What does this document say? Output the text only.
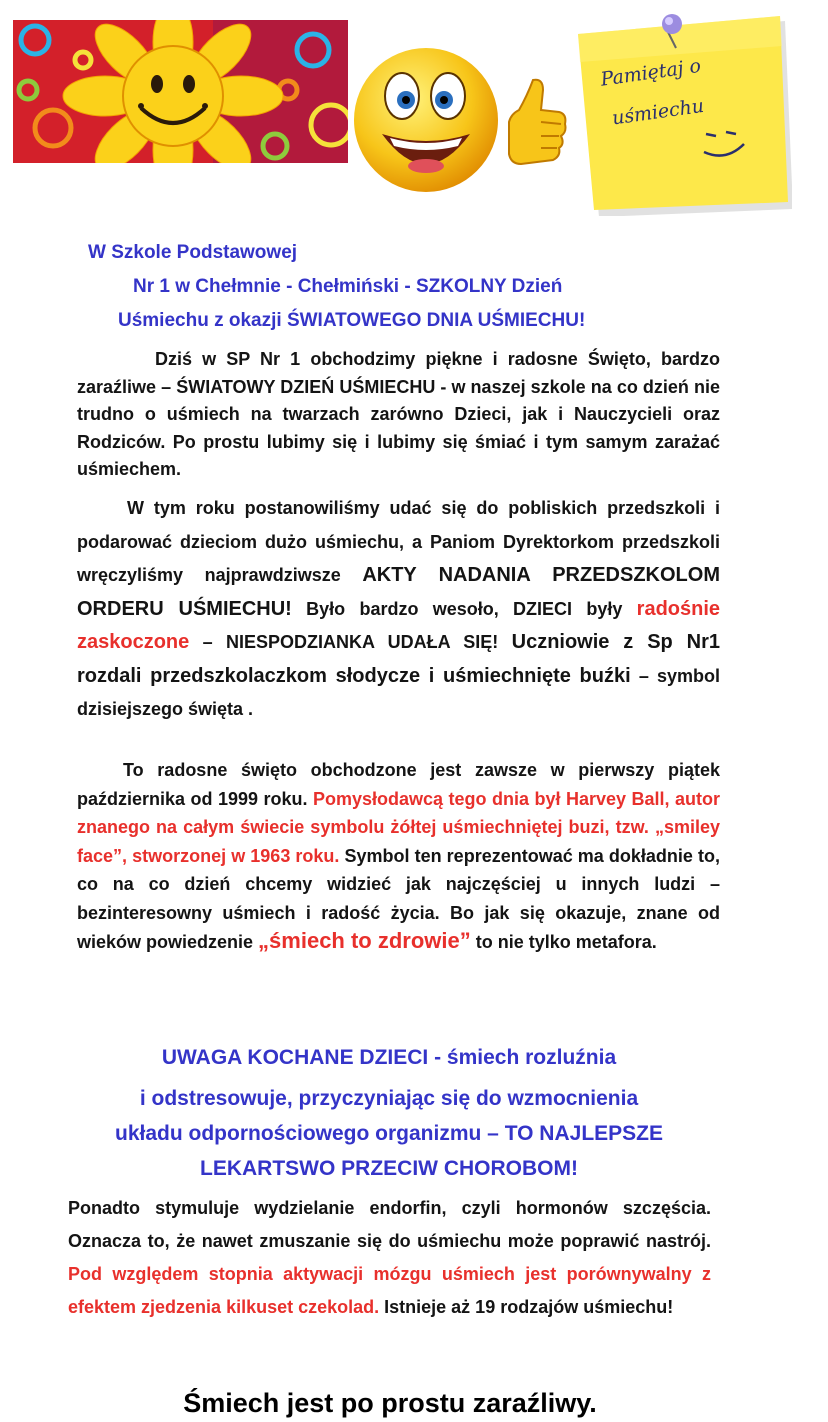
Pamiętaj o
uśmiechu
W Szkole Podstawowej
Nr 1 w Chełmnie - Chełmiński - SZKOLNY Dzień
Uśmiechu z okazji ŚWIATOWEGO DNIA UŚMIECHU!

Dziś w SP Nr 1 obchodzimy piękne i radosne Święto, bardzo zaraźliwe – ŚWIATOWY DZIEŃ UŚMIECHU - w naszej szkole na co dzień nie trudno o uśmiech na twarzach zarówno Dzieci, jak i Nauczycieli oraz Rodziców. Po prostu lubimy się i lubimy się śmiać i tym samym zarażać uśmiechem.

W tym roku postanowiliśmy udać się do pobliskich przedszkoli i podarować dzieciom dużo uśmiechu, a Paniom Dyrektorkom przedszkoli wręczyliśmy najprawdziwsze AKTY NADANIA PRZEDSZKOLOM ORDERU UŚMIECHU! Było bardzo wesoło, DZIECI były radośnie zaskoczone – NIESPODZIANKA UDAŁA SIĘ! Uczniowie z Sp Nr1 rozdali przedszkolaczkom słodycze i uśmiechnięte buźki – symbol dzisiejszego święta .

To radosne święto obchodzone jest zawsze w pierwszy piątek października od 1999 roku. Pomysłodawcą tego dnia był Harvey Ball, autor znanego na całym świecie symbolu żółtej uśmiechniętej buzi, tzw. „smiley face”, stworzonej w 1963 roku. Symbol ten reprezentować ma dokładnie to, co na co dzień chcemy widzieć jak najczęściej u innych ludzi – bezinteresowny uśmiech i radość życia. Bo jak się okazuje, znane od wieków powiedzenie „śmiech to zdrowie” to nie tylko metafora.

UWAGA KOCHANE DZIECI - śmiech rozluźnia

i odstresowuje, przyczyniając się do wzmocnienia

układu odpornościowego organizmu – TO NAJLEPSZE

LEKARTSWO PRZECIW CHOROBOM!

Ponadto stymuluje wydzielanie endorfin, czyli hormonów szczęścia. Oznacza to, że nawet zmuszanie się do uśmiechu może poprawić nastrój. Pod względem stopnia aktywacji mózgu uśmiech jest porównywalny z efektem zjedzenia kilkuset czekolad. Istnieje aż 19 rodzajów uśmiechu!

Śmiech jest po prostu zaraźliwy.
